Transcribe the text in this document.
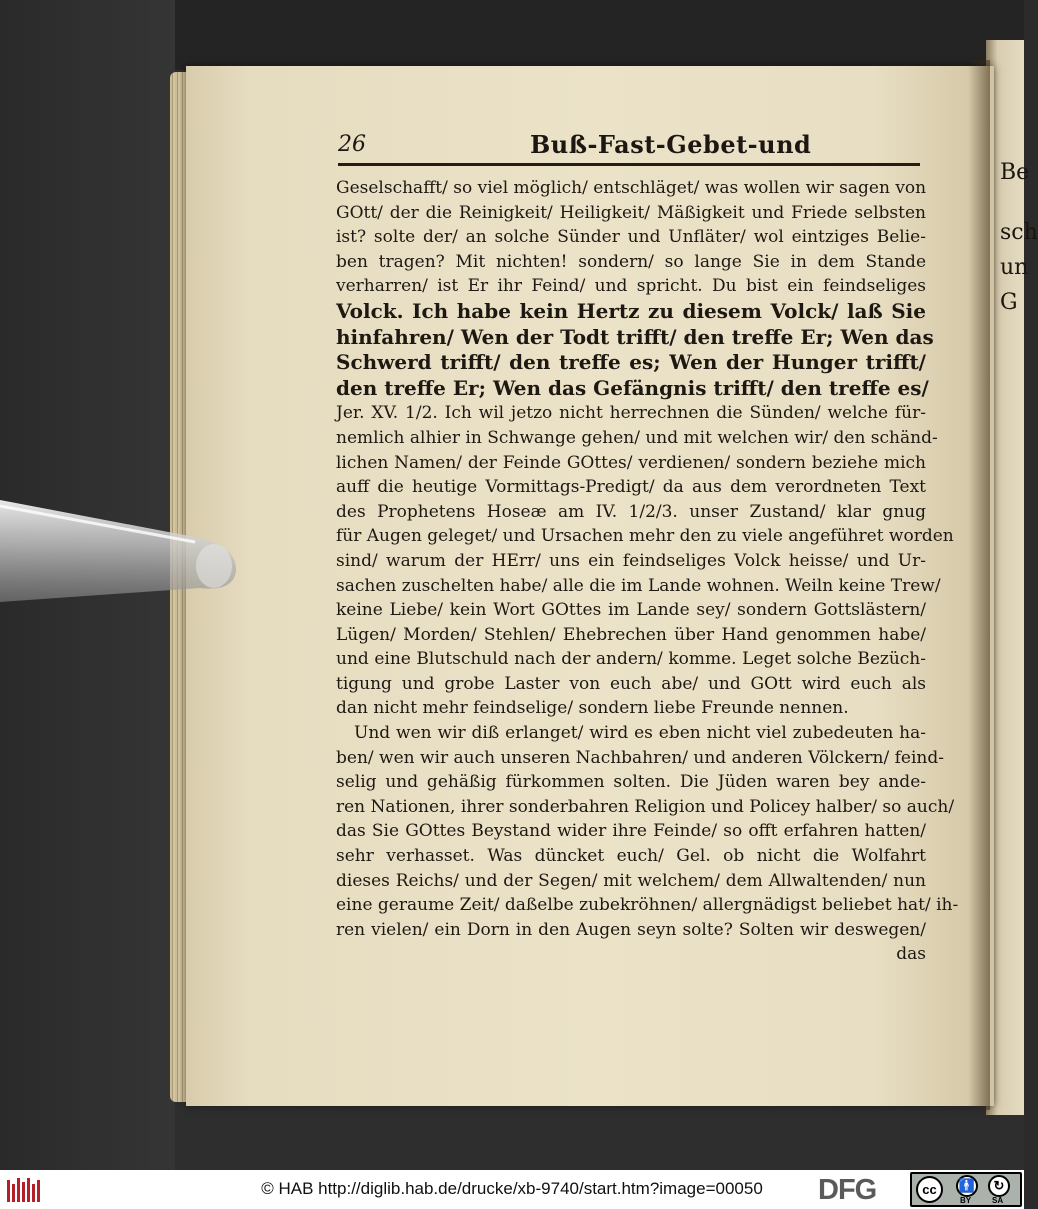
Be
sch
un
G
26	Buß-Fast-Gebet-und
Geselschafft/ so viel möglich/ entschläget/ was wollen wir sagen von
GOtt/ der die Reinigkeit/ Heiligkeit/ Mäßigkeit und Friede selbsten
ist? solte der/ an solche Sünder und Unfläter/ wol eintziges Belie-
ben tragen? Mit nichten! sondern/ so lange Sie in dem Stande
verharren/ ist Er ihr Feind/ und spricht. Du bist ein feindseliges
Volck. Ich habe kein Hertz zu diesem Volck/ laß Sie
hinfahren/ Wen der Todt trifft/ den treffe Er; Wen das
Schwerd trifft/ den treffe es; Wen der Hunger trifft/
den treffe Er; Wen das Gefängnis trifft/ den treffe es/
Jer. XV. 1/2. Ich wil jetzo nicht herrechnen die Sünden/ welche für-
nemlich alhier in Schwange gehen/ und mit welchen wir/ den schänd-
lichen Namen/ der Feinde GOttes/ verdienen/ sondern beziehe mich
auff die heutige Vormittags-Predigt/ da aus dem verordneten Text
des Prophetens Hoseæ am IV. 1/2/3. unser Zustand/ klar gnug
für Augen geleget/ und Ursachen mehr den zu viele angeführet worden
sind/ warum der HErr/ uns ein feindseliges Volck heisse/ und Ur-
sachen zuschelten habe/ alle die im Lande wohnen. Weiln keine Trew/
keine Liebe/ kein Wort GOttes im Lande sey/ sondern Gottslästern/
Lügen/ Morden/ Stehlen/ Ehebrechen über Hand genommen habe/
und eine Blutschuld nach der andern/ komme. Leget solche Bezüch-
tigung und grobe Laster von euch abe/ und GOtt wird euch als
dan nicht mehr feindselige/ sondern liebe Freunde nennen.
Und wen wir diß erlanget/ wird es eben nicht viel zubedeuten ha-
ben/ wen wir auch unseren Nachbahren/ und anderen Völckern/ feind-
selig und gehäßig fürkommen solten. Die Jüden waren bey ande-
ren Nationen, ihrer sonderbahren Religion und Policey halber/ so auch/
das Sie GOttes Beystand wider ihre Feinde/ so offt erfahren hatten/
sehr verhasset. Was düncket euch/ Gel. ob nicht die Wolfahrt
dieses Reichs/ und der Segen/ mit welchem/ dem Allwaltenden/ nun
eine geraume Zeit/ daßelbe zubekröhnen/ allergnädigst beliebet hat/ ih-
ren vielen/ ein Dorn in den Augen seyn solte? Solten wir deswegen/
das
© HAB http://diglib.hab.de/drucke/xb-9740/start.htm?image=00050	DFG	cc	🚹
BY
↻
SA
